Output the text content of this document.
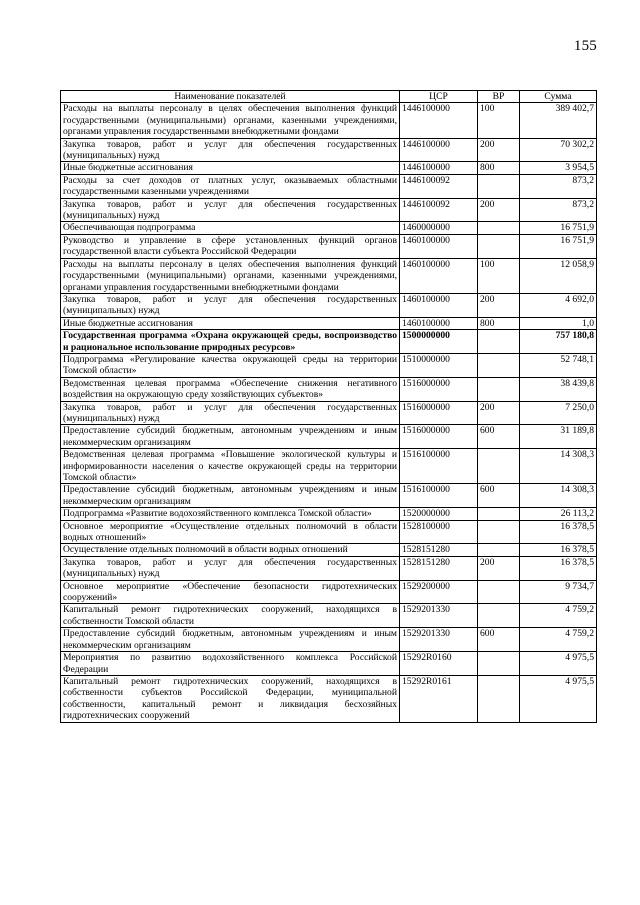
155
Наименование показателей	ЦСР	ВР	Сумма
Расходы на выплаты персоналу в целях обеспечения выполнения функций государственными (муниципальными) органами, казенными учреждениями, органами управления государственными внебюджетными фондами	1446100000	100	389 402,7
Закупка товаров, работ и услуг для обеспечения государственных (муниципальных) нужд	1446100000	200	70 302,2
Иные бюджетные ассигнования	1446100000	800	3 954,5
Расходы за счет доходов от платных услуг, оказываемых областными государственными казенными учреждениями	1446100092		873,2
Закупка товаров, работ и услуг для обеспечения государственных (муниципальных) нужд	1446100092	200	873,2
Обеспечивающая подпрограмма	1460000000		16 751,9
Руководство и управление в сфере установленных функций органов государственной власти субъекта Российской Федерации	1460100000		16 751,9
Расходы на выплаты персоналу в целях обеспечения выполнения функций государственными (муниципальными) органами, казенными учреждениями, органами управления государственными внебюджетными фондами	1460100000	100	12 058,9
Закупка товаров, работ и услуг для обеспечения государственных (муниципальных) нужд	1460100000	200	4 692,0
Иные бюджетные ассигнования	1460100000	800	1,0
Государственная программа «Охрана окружающей среды, воспроизводство и рациональное использование природных ресурсов»	1500000000		757 180,8
Подпрограмма «Регулирование качества окружающей среды на территории Томской области»	1510000000		52 748,1
Ведомственная целевая программа «Обеспечение снижения негативного воздействия на окружающую среду хозяйствующих субъектов»	1516000000		38 439,8
Закупка товаров, работ и услуг для обеспечения государственных (муниципальных) нужд	1516000000	200	7 250,0
Предоставление субсидий бюджетным, автономным учреждениям и иным некоммерческим организациям	1516000000	600	31 189,8
Ведомственная целевая программа «Повышение экологической культуры и информированности населения о качестве окружающей среды на территории Томской области»	1516100000		14 308,3
Предоставление субсидий бюджетным, автономным учреждениям и иным некоммерческим организациям	1516100000	600	14 308,3
Подпрограмма «Развитие водохозяйственного комплекса Томской области»	1520000000		26 113,2
Основное мероприятие «Осуществление отдельных полномочий в области водных отношений»	1528100000		16 378,5
Осуществление отдельных полномочий в области водных отношений	1528151280		16 378,5
Закупка товаров, работ и услуг для обеспечения государственных (муниципальных) нужд	1528151280	200	16 378,5
Основное мероприятие «Обеспечение безопасности гидротехнических сооружений»	1529200000		9 734,7
Капитальный ремонт гидротехнических сооружений, находящихся в собственности Томской области	1529201330		4 759,2
Предоставление субсидий бюджетным, автономным учреждениям и иным некоммерческим организациям	1529201330	600	4 759,2
Мероприятия по развитию водохозяйственного комплекса Российской Федерации	15292R0160		4 975,5
Капитальный ремонт гидротехнических сооружений, находящихся в собственности субъектов Российской Федерации, муниципальной собственности, капитальный ремонт и ликвидация бесхозяйных гидротехнических сооружений	15292R0161		4 975,5
